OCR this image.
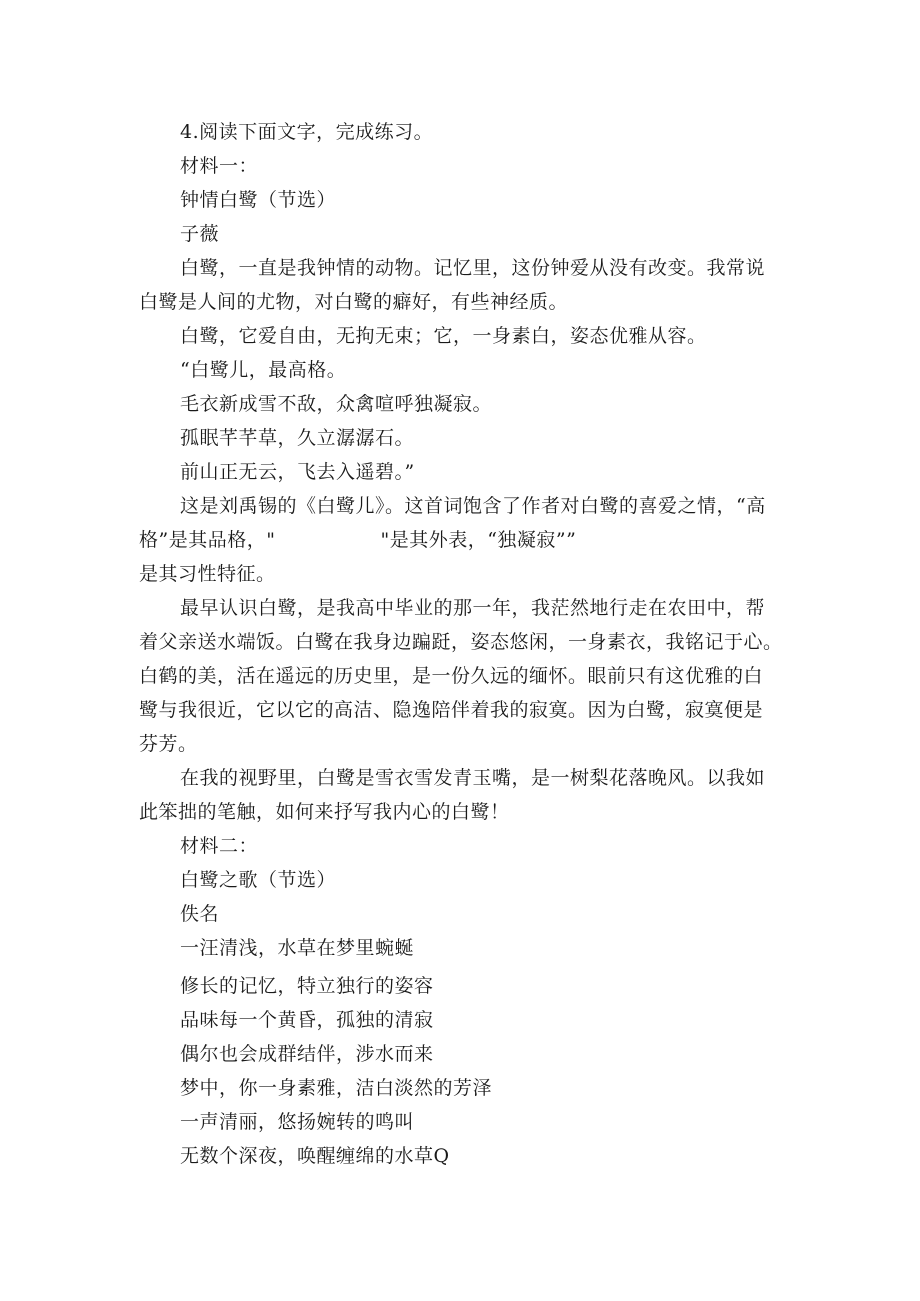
4.阅读下面文字，完成练习。
材料一：
钟情白鹭（节选）
子薇
白鹭，一直是我钟情的动物。记忆里，这份钟爱从没有改变。我常说
白鹭是人间的尤物，对白鹭的癖好，有些神经质。
白鹭，它爱自由，无拘无束；它，一身素白，姿态优雅从容。
“白鹭儿，最高格。
毛衣新成雪不敌，众禽喧呼独凝寂。
孤眠芊芊草，久立潺潺石。
前山正无云，飞去入遥碧。”
这是刘禹锡的《白鹭儿》。这首词饱含了作者对白鹭的喜爱之情，“高
格”是其品格，"	"是其外表，“独凝寂””
是其习性特征。
最早认识白鹭，是我高中毕业的那一年，我茫然地行走在农田中，帮
着父亲送水端饭。白鹭在我身边蹁跹，姿态悠闲，一身素衣，我铭记于心。
白鹤的美，活在遥远的历史里，是一份久远的缅怀。眼前只有这优雅的白
鹭与我很近，它以它的高洁、隐逸陪伴着我的寂寞。因为白鹭，寂寞便是
芬芳。
在我的视野里，白鹭是雪衣雪发青玉嘴，是一树梨花落晚风。以我如
此笨拙的笔触，如何来抒写我内心的白鹭！
材料二：
白鹭之歌（节选）
佚名
一汪清浅，水草在梦里蜿蜒
修长的记忆，特立独行的姿容
品味每一个黄昏，孤独的清寂
偶尔也会成群结伴，涉水而来
梦中，你一身素雅，洁白淡然的芳泽
一声清丽，悠扬婉转的鸣叫
无数个深夜，唤醒缠绵的水草Q
